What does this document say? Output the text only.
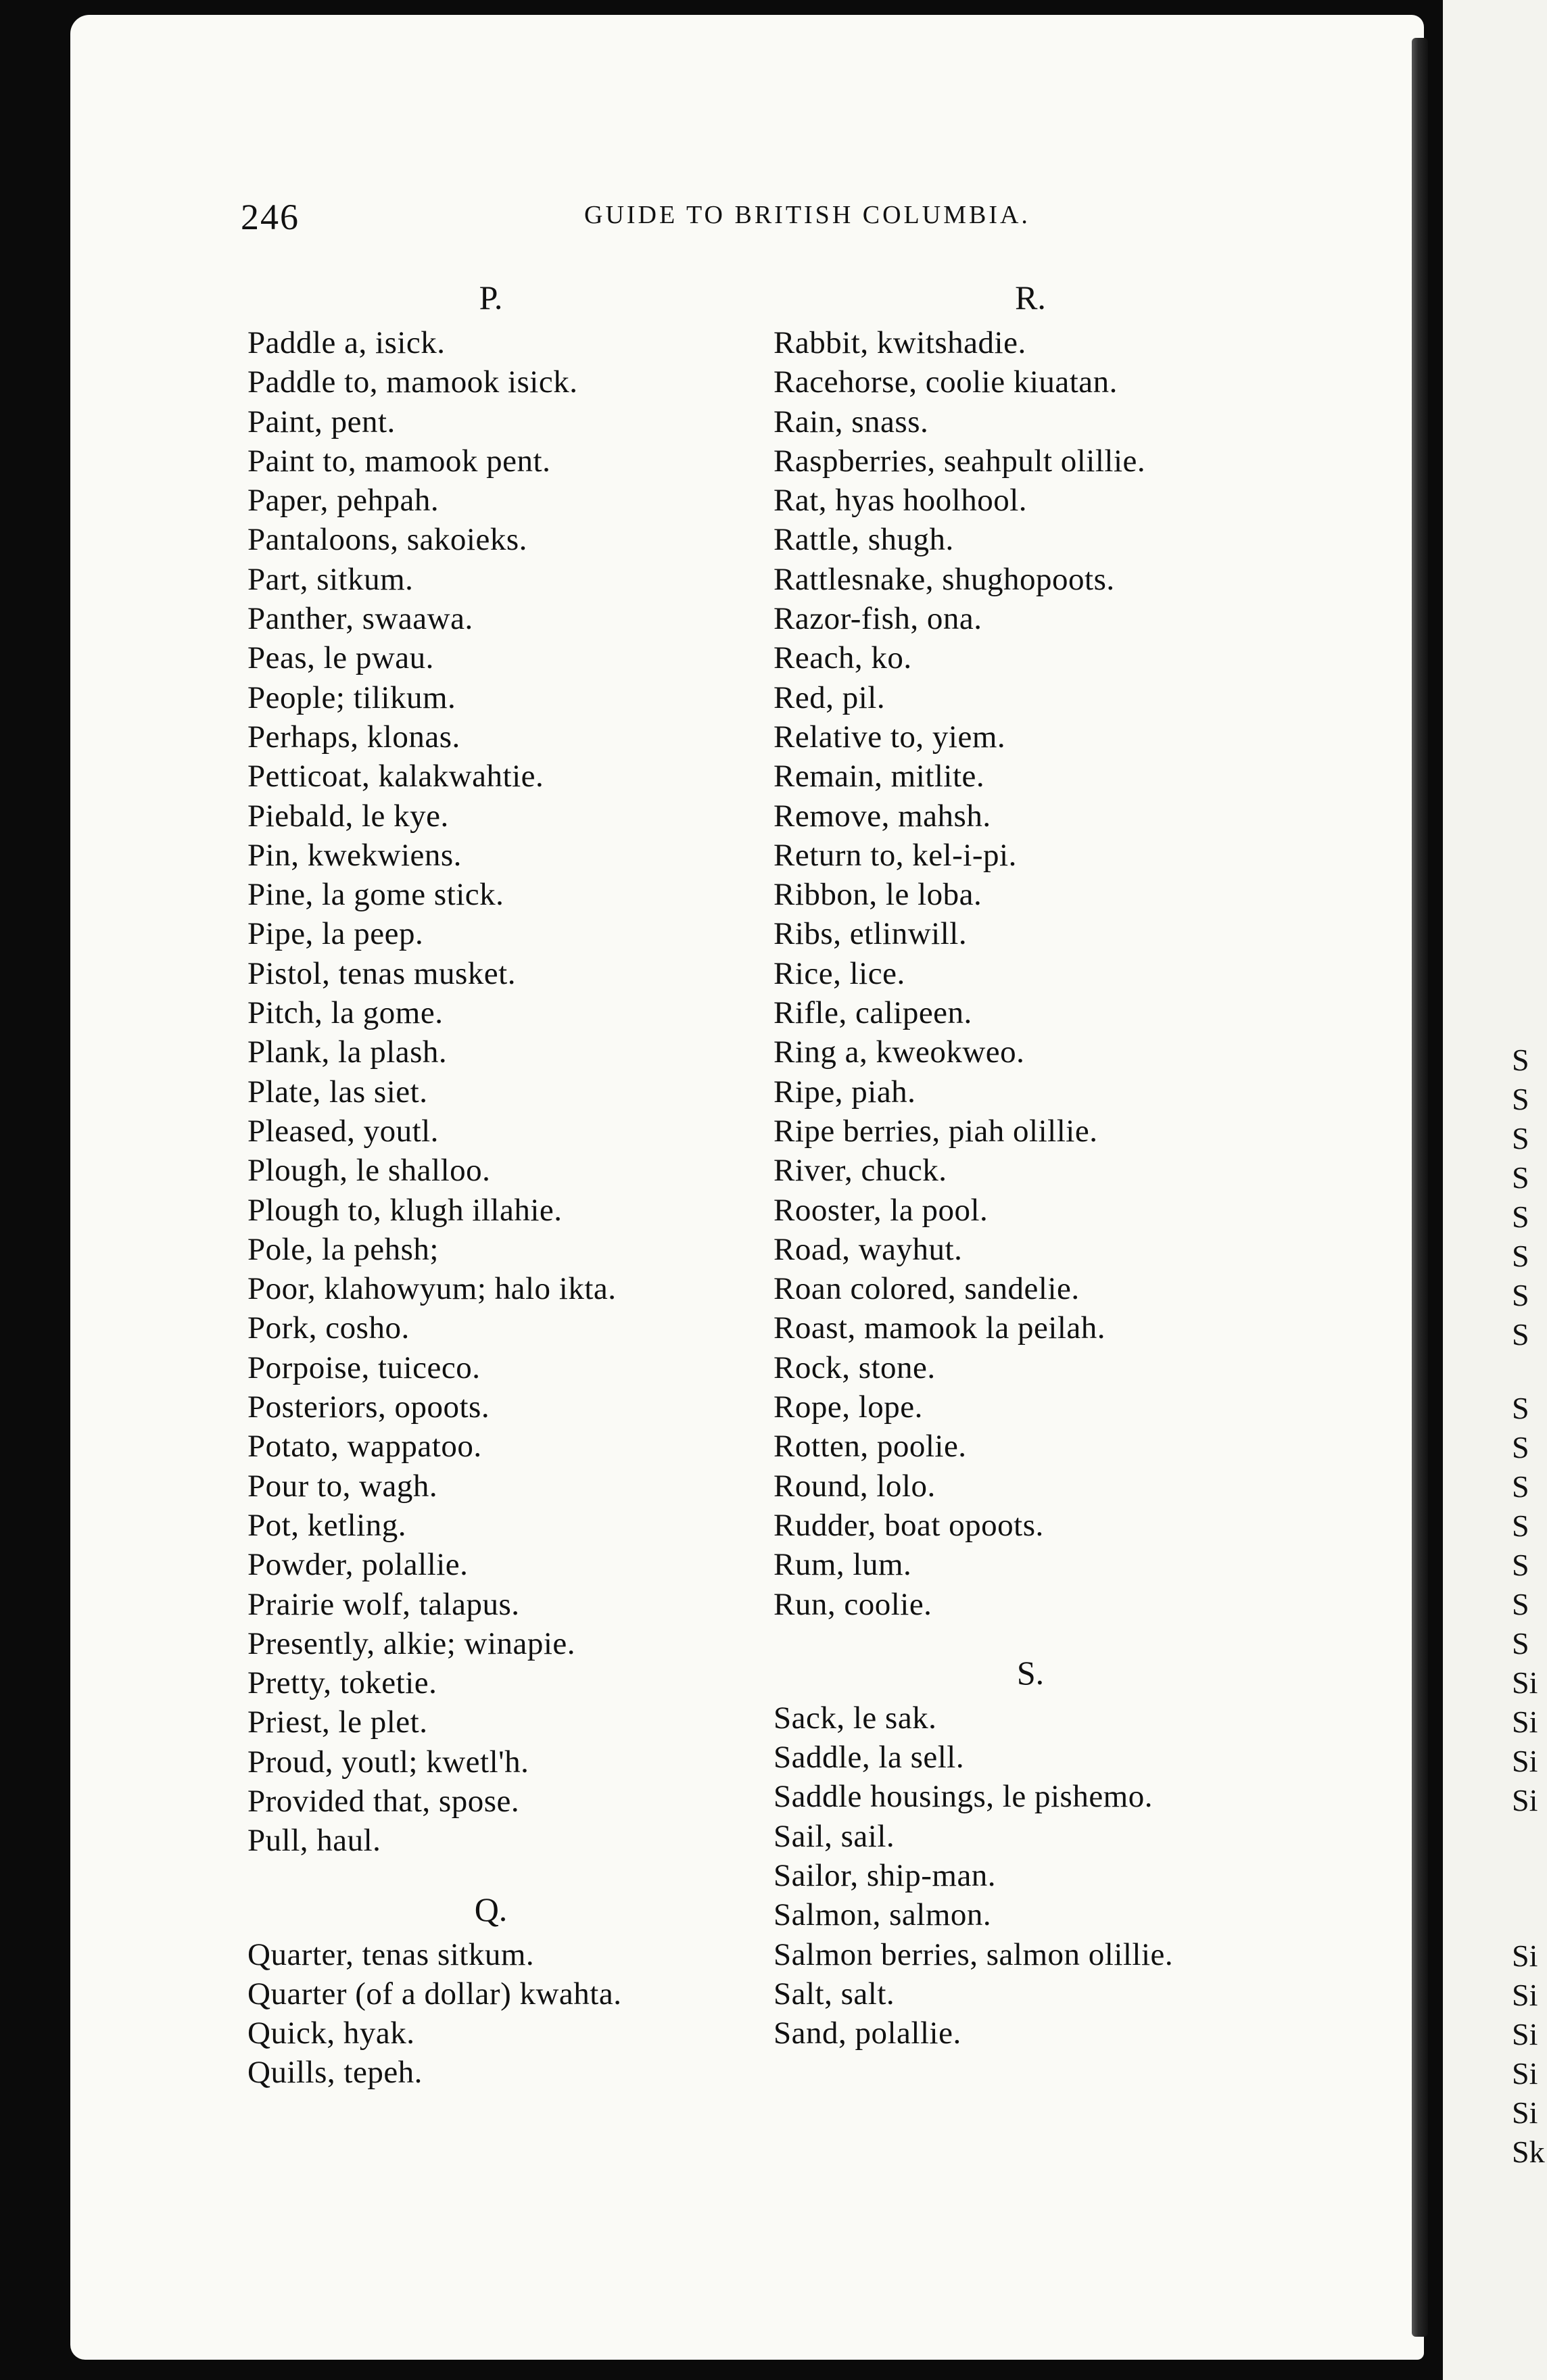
246	GUIDE TO BRITISH COLUMBIA.
P.
Paddle a, isick.
Paddle to, mamook isick.
Paint, pent.
Paint to, mamook pent.
Paper, pehpah.
Pantaloons, sakoieks.
Part, sitkum.
Panther, swaawa.
Peas, le pwau.
People; tilikum.
Perhaps, klonas.
Petticoat, kalakwahtie.
Piebald, le kye.
Pin, kwekwiens.
Pine, la gome stick.
Pipe, la peep.
Pistol, tenas musket.
Pitch, la gome.
Plank, la plash.
Plate, las siet.
Pleased, youtl.
Plough, le shalloo.
Plough to, klugh illahie.
Pole, la pehsh;
Poor, klahowyum; halo ikta.
Pork, cosho.
Porpoise, tuiceco.
Posteriors, opoots.
Potato, wappatoo.
Pour to, wagh.
Pot, ketling.
Powder, polallie.
Prairie wolf, talapus.
Presently, alkie; winapie.
Pretty, toketie.
Priest, le plet.
Proud, youtl; kwetl'h.
Provided that, spose.
Pull, haul.
Q.
Quarter, tenas sitkum.
Quarter (of a dollar) kwahta.
Quick, hyak.
Quills, tepeh.
R.
Rabbit, kwitshadie.
Racehorse, coolie kiuatan.
Rain, snass.
Raspberries, seahpult olillie.
Rat, hyas hoolhool.
Rattle, shugh.
Rattlesnake, shughopoots.
Razor-fish, ona.
Reach, ko.
Red, pil.
Relative to, yiem.
Remain, mitlite.
Remove, mahsh.
Return to, kel-i-pi.
Ribbon, le loba.
Ribs, etlinwill.
Rice, lice.
Rifle, calipeen.
Ring a, kweokweo.
Ripe, piah.
Ripe berries, piah olillie.
River, chuck.
Rooster, la pool.
Road, wayhut.
Roan colored, sandelie.
Roast, mamook la peilah.
Rock, stone.
Rope, lope.
Rotten, poolie.
Round, lolo.
Rudder, boat opoots.
Rum, lum.
Run, coolie.
S.
Sack, le sak.
Saddle, la sell.
Saddle housings, le pishemo.
Sail, sail.
Sailor, ship-man.
Salmon, salmon.
Salmon berries, salmon olillie.
Salt, salt.
Sand, polallie.
S
S
S
S
S
S
S
S
S
S
S
S
S
S
S
Si
Si
Si
Si
Si
Si
Si
Si
Si
Sk
